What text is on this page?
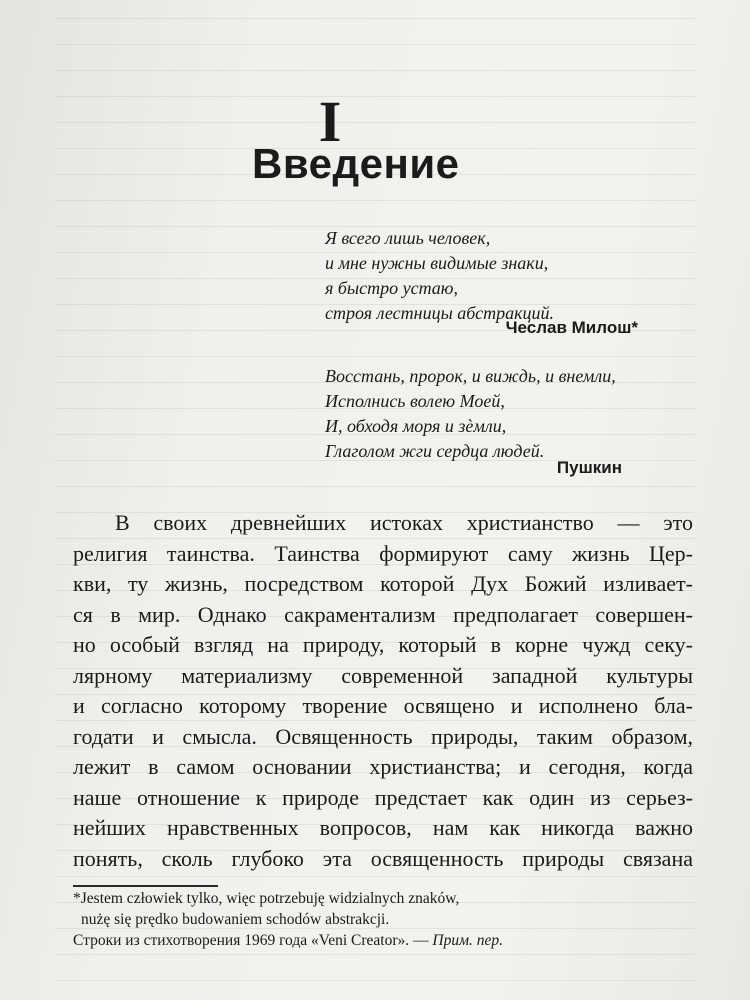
I
Введение
Я всего лишь человек,
и мне нужны видимые знаки,
я быстро устаю,
строя лестницы абстракций.
Чеслав Милош*
Восстань, пророк, и виждь, и внемли,
Исполнись волею Моей,
И, обходя моря и зѐмли,
Глаголом жги сердца людей.
Пушкин
В своих древнейших истоках христианство — это
религия таинства. Таинства формируют саму жизнь Цер-
кви, ту жизнь, посредством которой Дух Божий изливает-
ся в мир. Однако сакраментализм предполагает совершен-
но особый взгляд на природу, который в корне чужд секу-
лярному материализму современной западной культуры
и согласно которому творение освящено и исполнено бла-
годати и смысла. Освященность природы, таким образом,
лежит в самом основании христианства; и сегодня, когда
наше отношение к природе предстает как один из серьез-
нейших нравственных вопросов, нам как никогда важно
понять, сколь глубоко эта освященность природы связана
*Jestem człowiek tylko, więc potrzebuję widzialnych znaków,
nużę się prędko budowaniem schodów abstrakcji.
Строки из стихотворения 1969 года «Veni Creator». — Прим. пер.
